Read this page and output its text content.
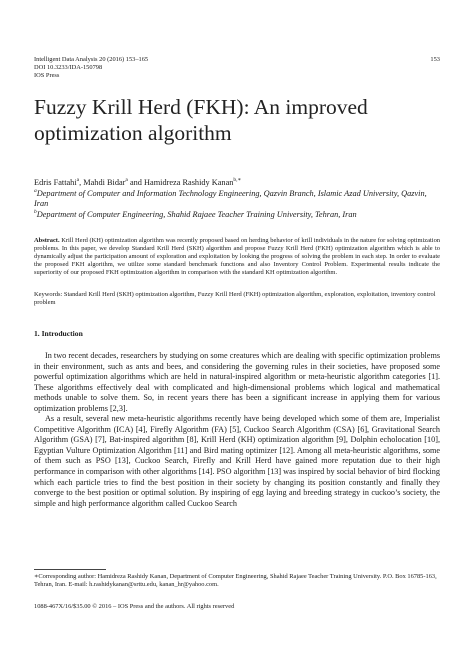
Intelligent Data Analysis 20 (2016) 153–165
DOI 10.3233/IDA-150798
IOS Press
153
Fuzzy Krill Herd (FKH): An improved optimization algorithm
Edris Fattahi$^a$, Mahdi Bidar$^a$ and Hamidreza Rashidy Kanan$^{b,∗}$
$^a$Department of Computer and Information Technology Engineering, Qazvin Branch, Islamic Azad University, Qazvin, Iran
$^b$Department of Computer Engineering, Shahid Rajaee Teacher Training University, Tehran, Iran
Abstract. Krill Herd (KH) optimization algorithm was recently proposed based on herding behavior of krill individuals in the nature for solving optimization problems. In this paper, we develop Standard Krill Herd (SKH) algorithm and propose Fuzzy Krill Herd (FKH) optimization algorithm which is able to dynamically adjust the participation amount of exploration and exploitation by looking the progress of solving the problem in each step. In order to evaluate the proposed FKH algorithm, we utilize some standard benchmark functions and also Inventory Control Problem. Experimental results indicate the superiority of our proposed FKH optimization algorithm in comparison with the standard KH optimization algorithm.
Keywords: Standard Krill Herd (SKH) optimization algorithm, Fuzzy Krill Herd (FKH) optimization algorithm, exploration, exploitation, inventory control problem
1. Introduction

In two recent decades, researchers by studying on some creatures which are dealing with specific optimization problems in their environment, such as ants and bees, and considering the governing rules in their societies, have proposed some powerful optimization algorithms which are held in natural-inspired algorithm or meta-heuristic algorithm categories [1]. These algorithms effectively deal with complicated and high-dimensional problems which logical and mathematical methods unable to solve them. So, in recent years there has been a significant increase in applying them for various optimization problems [2,3].

As a result, several new meta-heuristic algorithms recently have being developed which some of them are, Imperialist Competitive Algorithm (ICA) [4], Firefly Algorithm (FA) [5], Cuckoo Search Algorithm (CSA) [6], Gravitational Search Algorithm (GSA) [7], Bat-inspired algorithm [8], Krill Herd (KH) optimization algorithm [9], Dolphin echolocation [10], Egyptian Vulture Optimization Algorithm [11] and Bird mating optimizer [12]. Among all meta-heuristic algorithms, some of them such as PSO [13], Cuckoo Search, Firefly and Krill Herd have gained more reputation due to their high performance in comparison with other algorithms [14]. PSO algorithm [13] was inspired by social behavior of bird flocking which each particle tries to find the best position in their society by changing its position constantly and finally they converge to the best position or optimal solution. By inspiring of egg laying and breeding strategy in cuckoo’s society, the simple and high performance algorithm called Cuckoo Search

∗Corresponding author: Hamidreza Rashidy Kanan, Department of Computer Engineering, Shahid Rajaee Teacher Training University. P.O. Box 16785-163, Tehran, Iran. E-mail: h.rashidykanan@srttu.edu, kanan_hr@yahoo.com.
1088-467X/16/$35.00 © 2016 – IOS Press and the authors. All rights reserved
